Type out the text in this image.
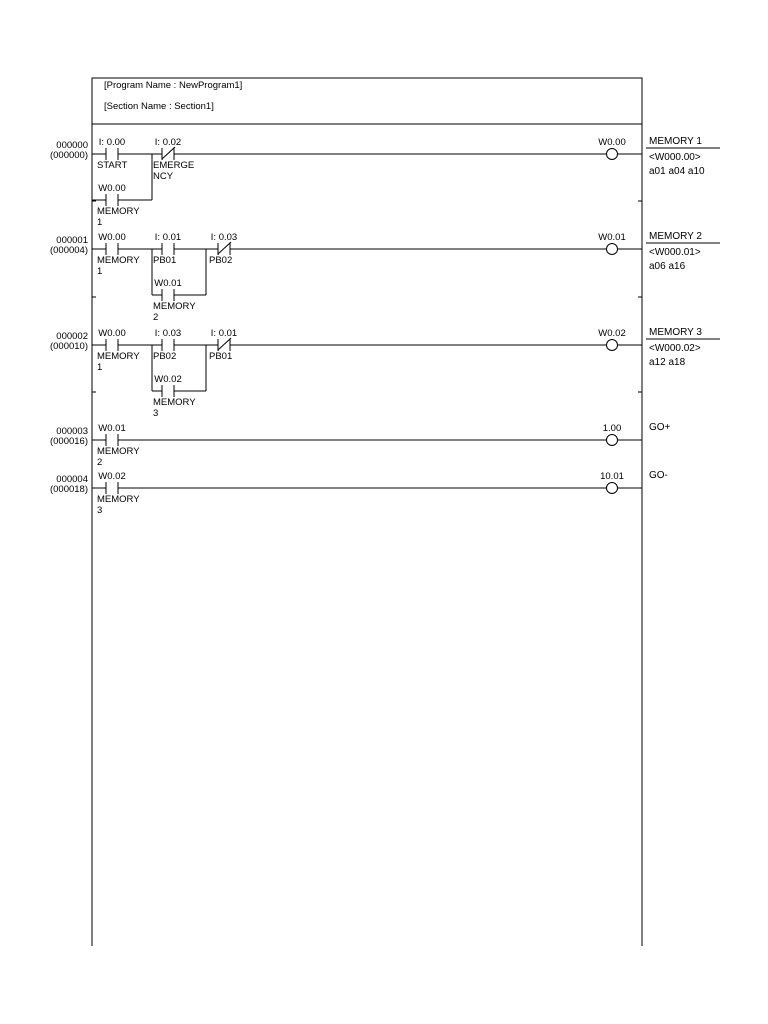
[Program Name : NewProgram1]
[Section Name : Section1]
000000
(000000)
I: 0.00
START
I: 0.02
EMERGE
NCY
W0.00
MEMORY
1
W0.00 MEMORY 1
<W000.00>
a01 a04 a10
000001
(000004)
W0.00
MEMORY
1
I: 0.01
PB01
I: 0.03
PB02
W0.01
MEMORY
2
W0.01 MEMORY 2
<W000.01>
a06 a16
000002
(000010)
W0.00
MEMORY
1
I: 0.03
PB02
I: 0.01
PB01
W0.02
MEMORY
3
W0.02 MEMORY 3
<W000.02>
a12 a18
000003
(000016)
W0.01
MEMORY
2
1.00	GO+
000004
(000018)
W0.02
MEMORY
3
10.01	GO-
